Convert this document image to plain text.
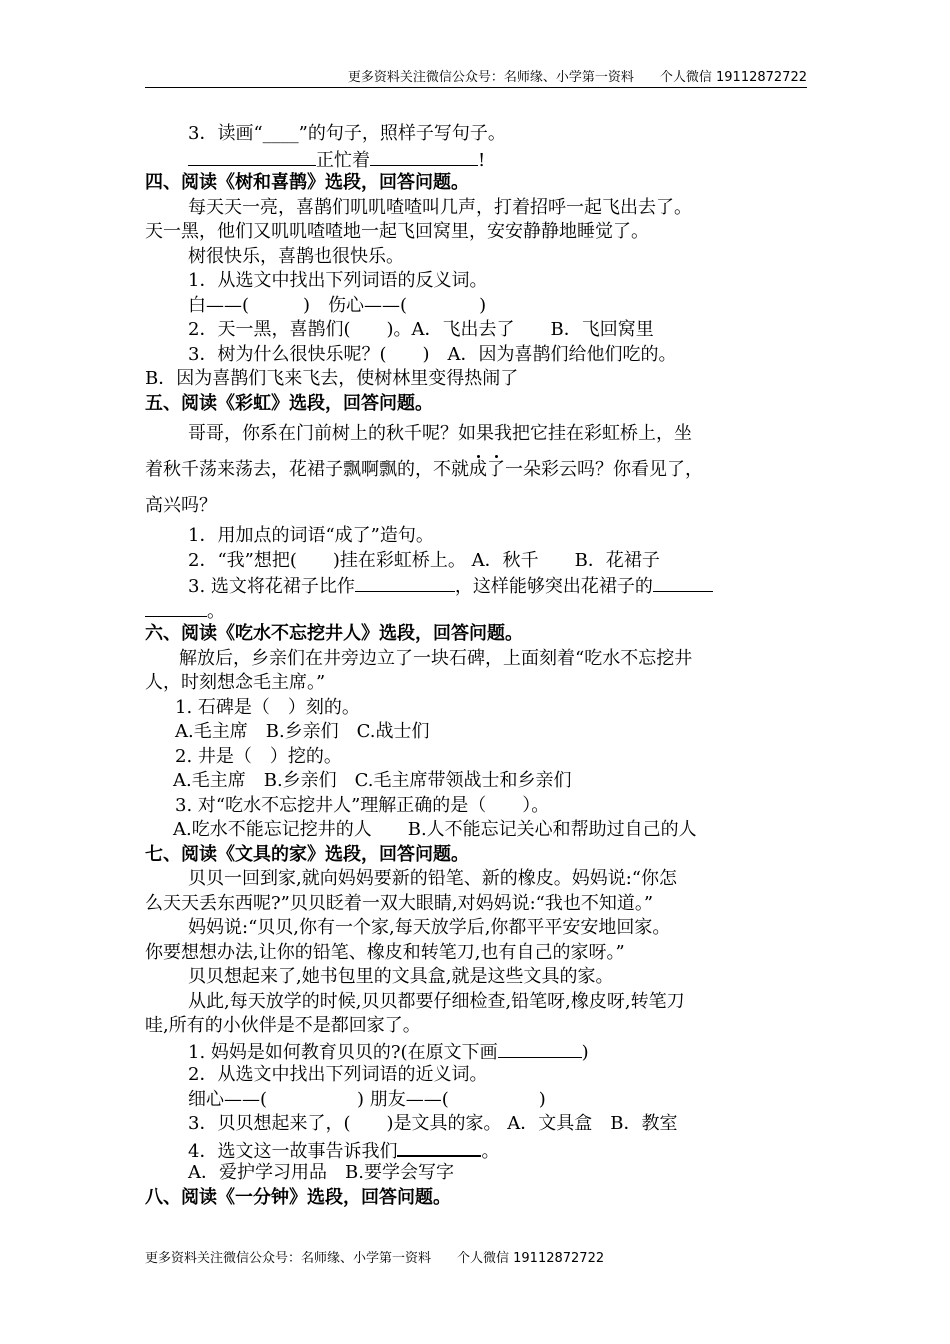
更多资料关注微信公众号：名师缘、小学第一资料　　个人微信 19112872722
3．读画“____”的句子，照样子写句子。
正忙着	!
四、阅读《树和喜鹊》选段，回答问题。
每天天一亮，喜鹊们叽叽喳喳叫几声，打着招呼一起飞出去了。
天一黑，他们又叽叽喳喳地一起飞回窝里，安安静静地睡觉了。
树很快乐，喜鹊也很快乐。
1．从选文中找出下列词语的反义词。
白——(　　　)　伤心——(　　　　)
2．天一黑，喜鹊们(　　)。A．飞出去了　　B．飞回窝里
3．树为什么很快乐呢？(　　)　A．因为喜鹊们给他们吃的。
B．因为喜鹊们飞来飞去，使树林里变得热闹了
五、阅读《彩虹》选段，回答问题。
哥哥，你系在门前树上的秋千呢？如果我把它挂在彩虹桥上，坐
着秋千荡来荡去，花裙子飘啊飘的，不就成了一朵彩云吗？你看见了，
高兴吗？
1．用加点的词语“成了”造句。
2．“我”想把(　　)挂在彩虹桥上。 A．秋千　　B．花裙子
3. 选文将花裙子比作	，这样能够突出花裙子的
。
六、阅读《吃水不忘挖井人》选段，回答问题。
解放后，乡亲们在井旁边立了一块石碑，上面刻着“吃水不忘挖井
人，时刻想念毛主席。”
1. 石碑是（　）刻的。
A.毛主席　B.乡亲们　C.战士们
2. 井是（　）挖的。
A.毛主席　B.乡亲们　C.毛主席带领战士和乡亲们
3. 对“吃水不忘挖井人”理解正确的是（　　）。
A.吃水不能忘记挖井的人　　B.人不能忘记关心和帮助过自己的人
七、阅读《文具的家》选段，回答问题。
贝贝一回到家,就向妈妈要新的铅笔、新的橡皮。妈妈说:“你怎
么天天丢东西呢?”贝贝眨着一双大眼睛,对妈妈说:“我也不知道。”
妈妈说:“贝贝,你有一个家,每天放学后,你都平平安安地回家。
你要想想办法,让你的铅笔、橡皮和转笔刀,也有自己的家呀。”
贝贝想起来了,她书包里的文具盒,就是这些文具的家。
从此,每天放学的时候,贝贝都要仔细检查,铅笔呀,橡皮呀,转笔刀
哇,所有的小伙伴是不是都回家了。
1. 妈妈是如何教育贝贝的?(在原文下画	)
2．从选文中找出下列词语的近义词。
细心——(　　　　　) 朋友——(　　　　　)
3．贝贝想起来了，(　　)是文具的家。 A．文具盒　B．教室
4．选文这一故事告诉我们	。
A．爱护学习用品　B.要学会写字
八、阅读《一分钟》选段，回答问题。
更多资料关注微信公众号：名师缘、小学第一资料　　个人微信 19112872722
